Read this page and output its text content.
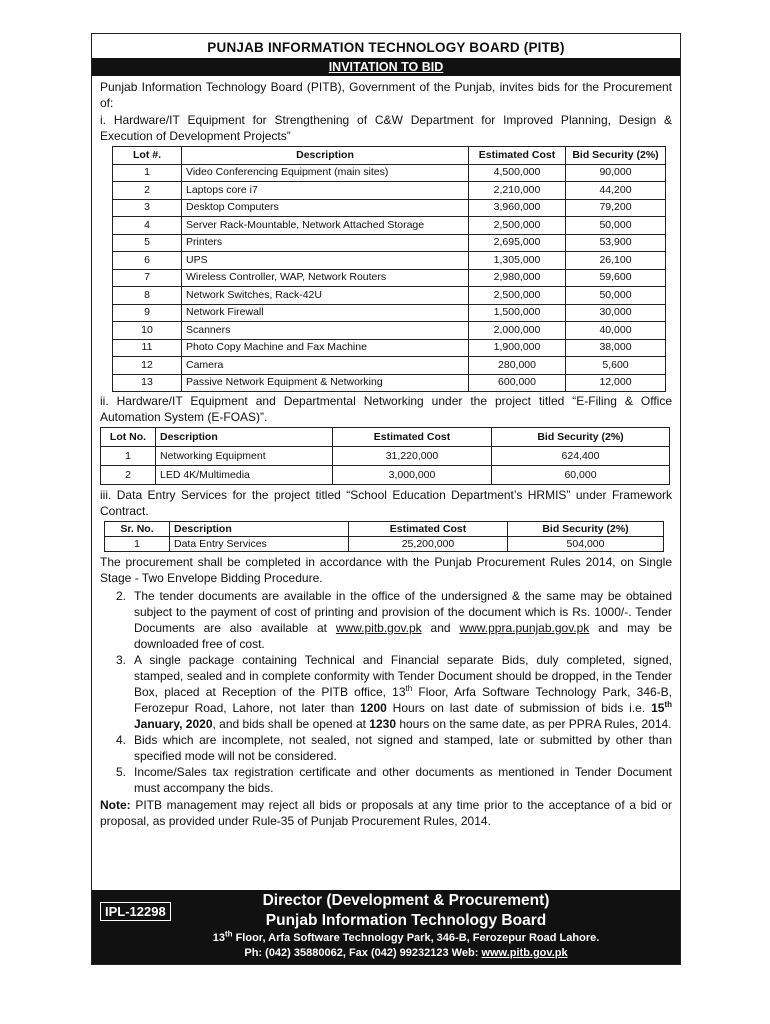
PUNJAB INFORMATION TECHNOLOGY BOARD (PITB)
INVITATION TO BID

Punjab Information Technology Board (PITB), Government of the Punjab, invites bids for the Procurement of:

i. Hardware/IT Equipment for Strengthening of C&W Department for Improved Planning, Design & Execution of Development Projects”

Lot #.	Description	Estimated Cost	Bid Security (2%)
1	Video Conferencing Equipment (main sites)	4,500,000	90,000
2	Laptops core i7	2,210,000	44,200
3	Desktop Computers	3,960,000	79,200
4	Server Rack-Mountable, Network Attached Storage	2,500,000	50,000
5	Printers	2,695,000	53,900
6	UPS	1,305,000	26,100
7	Wireless Controller, WAP, Network Routers	2,980,000	59,600
8	Network Switches, Rack-42U	2,500,000	50,000
9	Network Firewall	1,500,000	30,000
10	Scanners	2,000,000	40,000
11	Photo Copy Machine and Fax Machine	1,900,000	38,000
12	Camera	280,000	5,600
13	Passive Network Equipment & Networking	600,000	12,000

ii. Hardware/IT Equipment and Departmental Networking under the project titled “E-Filing & Office Automation System (E-FOAS)”.

Lot No.	Description	Estimated Cost	Bid Security (2%)
1	Networking Equipment	31,220,000	624,400
2	LED 4K/Multimedia	3,000,000	60,000

iii. Data Entry Services for the project titled “School Education Department’s HRMIS” under Framework Contract.

Sr. No.	Description	Estimated Cost	Bid Security (2%)
1	Data Entry Services	25,200,000	504,000

The procurement shall be completed in accordance with the Punjab Procurement Rules 2014, on Single Stage - Two Envelope Bidding Procedure.

2. The tender documents are available in the office of the undersigned & the same may be obtained subject to the payment of cost of printing and provision of the document which is Rs. 1000/-. Tender Documents are also available at www.pitb.gov.pk and www.ppra.punjab.gov.pk and may be downloaded free of cost.
3. A single package containing Technical and Financial separate Bids, duly completed, signed, stamped, sealed and in complete conformity with Tender Document should be dropped, in the Tender Box, placed at Reception of the PITB office, 13th Floor, Arfa Software Technology Park, 346-B, Ferozepur Road, Lahore, not later than 1200 Hours on last date of submission of bids i.e. 15th January, 2020, and bids shall be opened at 1230 hours on the same date, as per PPRA Rules, 2014.
4. Bids which are incomplete, not sealed, not signed and stamped, late or submitted by other than specified mode will not be considered.
5. Income/Sales tax registration certificate and other documents as mentioned in Tender Document must accompany the bids.

Note: PITB management may reject all bids or proposals at any time prior to the acceptance of a bid or proposal, as provided under Rule-35 of Punjab Procurement Rules, 2014.

IPL-12298
Director (Development & Procurement)
Punjab Information Technology Board
13th Floor, Arfa Software Technology Park, 346-B, Ferozepur Road Lahore.
Ph: (042) 35880062, Fax (042) 99232123 Web: www.pitb.gov.pk
